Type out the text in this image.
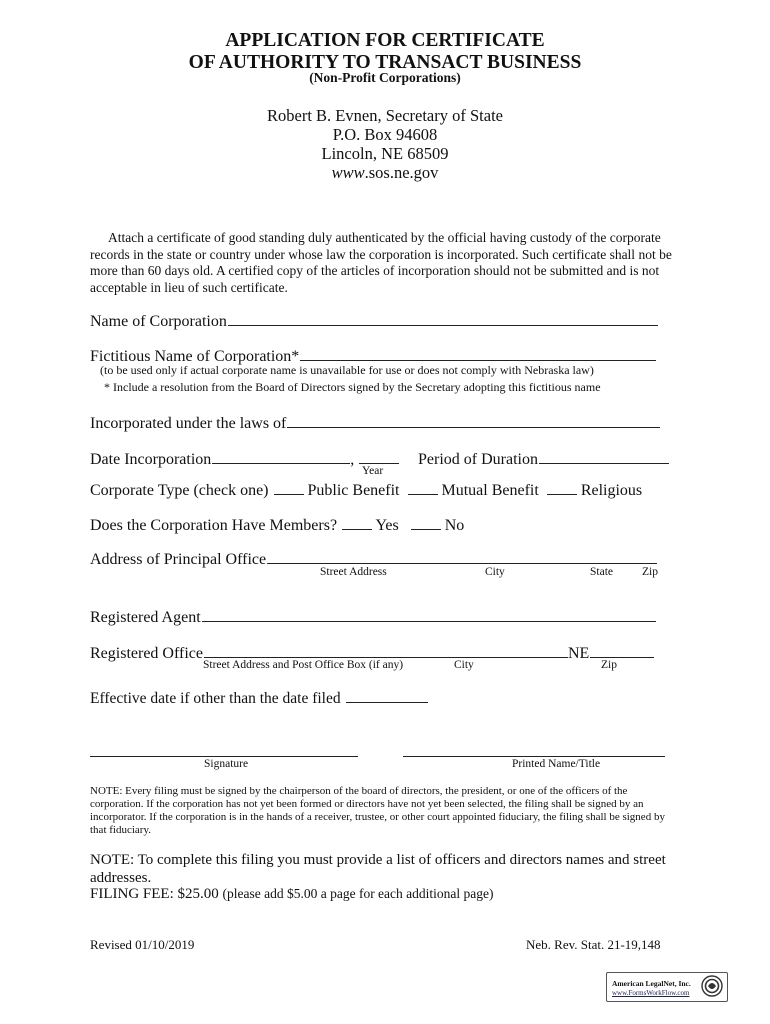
APPLICATION FOR CERTIFICATE
OF AUTHORITY TO TRANSACT BUSINESS
(Non-Profit Corporations)
Robert B. Evnen, Secretary of State
P.O. Box 94608
Lincoln, NE 68509
www.sos.ne.gov
Attach a certificate of good standing duly authenticated by the official having custody of the corporate records in the state or country under whose law the corporation is incorporated. Such certificate shall not be more than 60 days old. A certified copy of the articles of incorporation should not be submitted and is not acceptable in lieu of such certificate.
Name of Corporation
Fictitious Name of Corporation*
(to be used only if actual corporate name is unavailable for use or does not comply with Nebraska law)
* Include a resolution from the Board of Directors signed by the Secretary adopting this fictitious name
Incorporated under the laws of
Date Incorporation	,
Year
Period of Duration
Corporate Type (check one) Public Benefit	Mutual Benefit	Religious
Does the Corporation Have Members? Yes	No
Address of Principal Office
Street Address	City	State	Zip
Registered Agent
Registered Office	NE
Street Address and Post Office Box (if any)	City	Zip
Effective date if other than the date filed
Signature	Printed Name/Title
NOTE: Every filing must be signed by the chairperson of the board of directors, the president, or one of the officers of the corporation. If the corporation has not yet been formed or directors have not yet been selected, the filing shall be signed by an incorporator. If the corporation is in the hands of a receiver, trustee, or other court appointed fiduciary, the filing shall be signed by that fiduciary.
NOTE: To complete this filing you must provide a list of officers and directors names and street addresses.
FILING FEE: $25.00 (please add $5.00 a page for each additional page)
Revised 01/10/2019	Neb. Rev. Stat. 21-19,148
American LegalNet, Inc.
www.FormsWorkFlow.com
